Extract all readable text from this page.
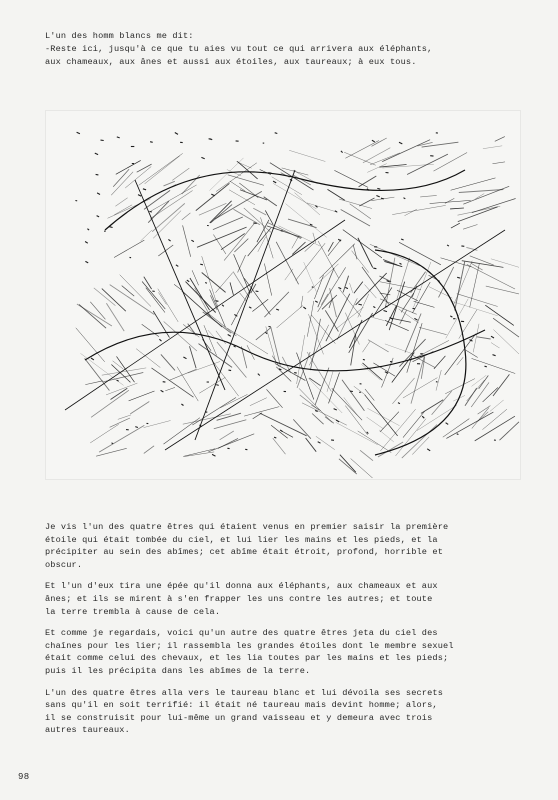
L'un des homm blancs me dit:
-Reste ici, jusqu'à ce que tu aies vu tout ce qui arrivera aux éléphants,
aux chameaux, aux ânes et aussi aux étoiles, aux taureaux; à eux tous.
Je vis l'un des quatre êtres qui étaient venus en premier saisir la première
étoile qui était tombée du ciel, et lui lier les mains et les pieds, et la
précipiter au sein des abîmes; cet abîme était étroit, profond, horrible et
obscur.
Et l'un d'eux tira une épée qu'il donna aux éléphants, aux chameaux et aux
ânes; et ils se mirent à s'en frapper les uns contre les autres; et toute
la terre trembla à cause de cela.
Et comme je regardais, voici qu'un autre des quatre êtres jeta du ciel des
chaînes pour les lier; il rassembla les grandes étoiles dont le membre sexuel
était comme celui des chevaux, et les lia toutes par les mains et les pieds;
puis il les précipita dans les abîmes de la terre.
L'un des quatre êtres alla vers le taureau blanc et lui dévoila ses secrets
sans qu'il en soit terrifié: il était né taureau mais devint homme; alors,
il se construisit pour lui-même un grand vaisseau et y demeura avec trois
autres taureaux.
98
